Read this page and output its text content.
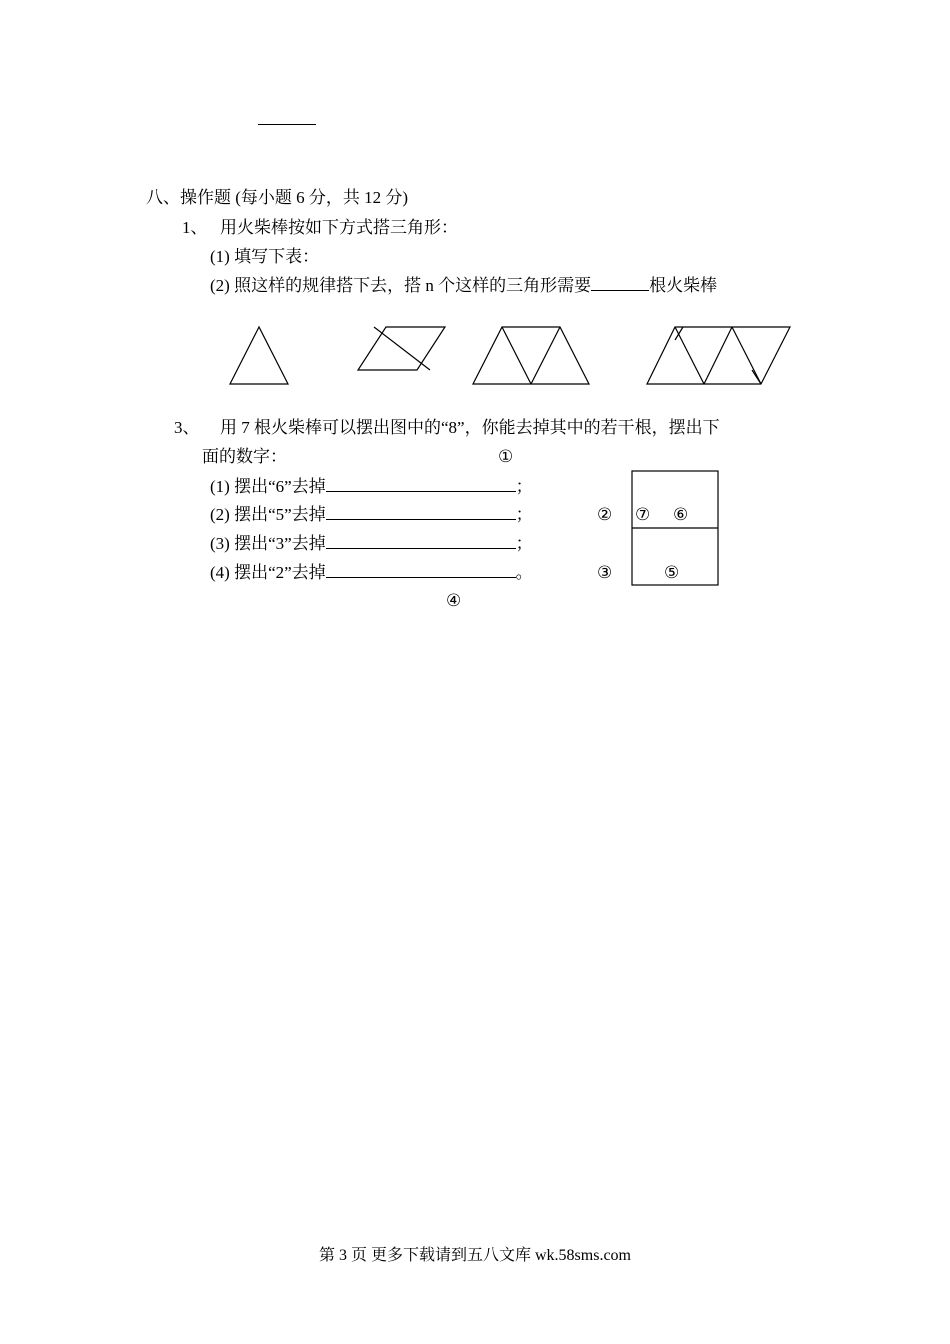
八、操作题 (每小题 6 分，共 12 分)
1、 用火柴棒按如下方式搭三角形：
(1) 填写下表：
(2) 照这样的规律搭下去，搭 n 个这样的三角形需要	根火柴棒
3、 用 7 根火柴棒可以摆出图中的“8”，你能去掉其中的若干根，摆出下
面的数字：	①
(1) 摆出“6”去掉	；
(2) 摆出“5”去掉	；
(3) 摆出“3”去掉	；
(4) 摆出“2”去掉	。
② ⑦ ⑥
③	⑤
④
第 3 页 更多下载请到五八文库 wk.58sms.com
